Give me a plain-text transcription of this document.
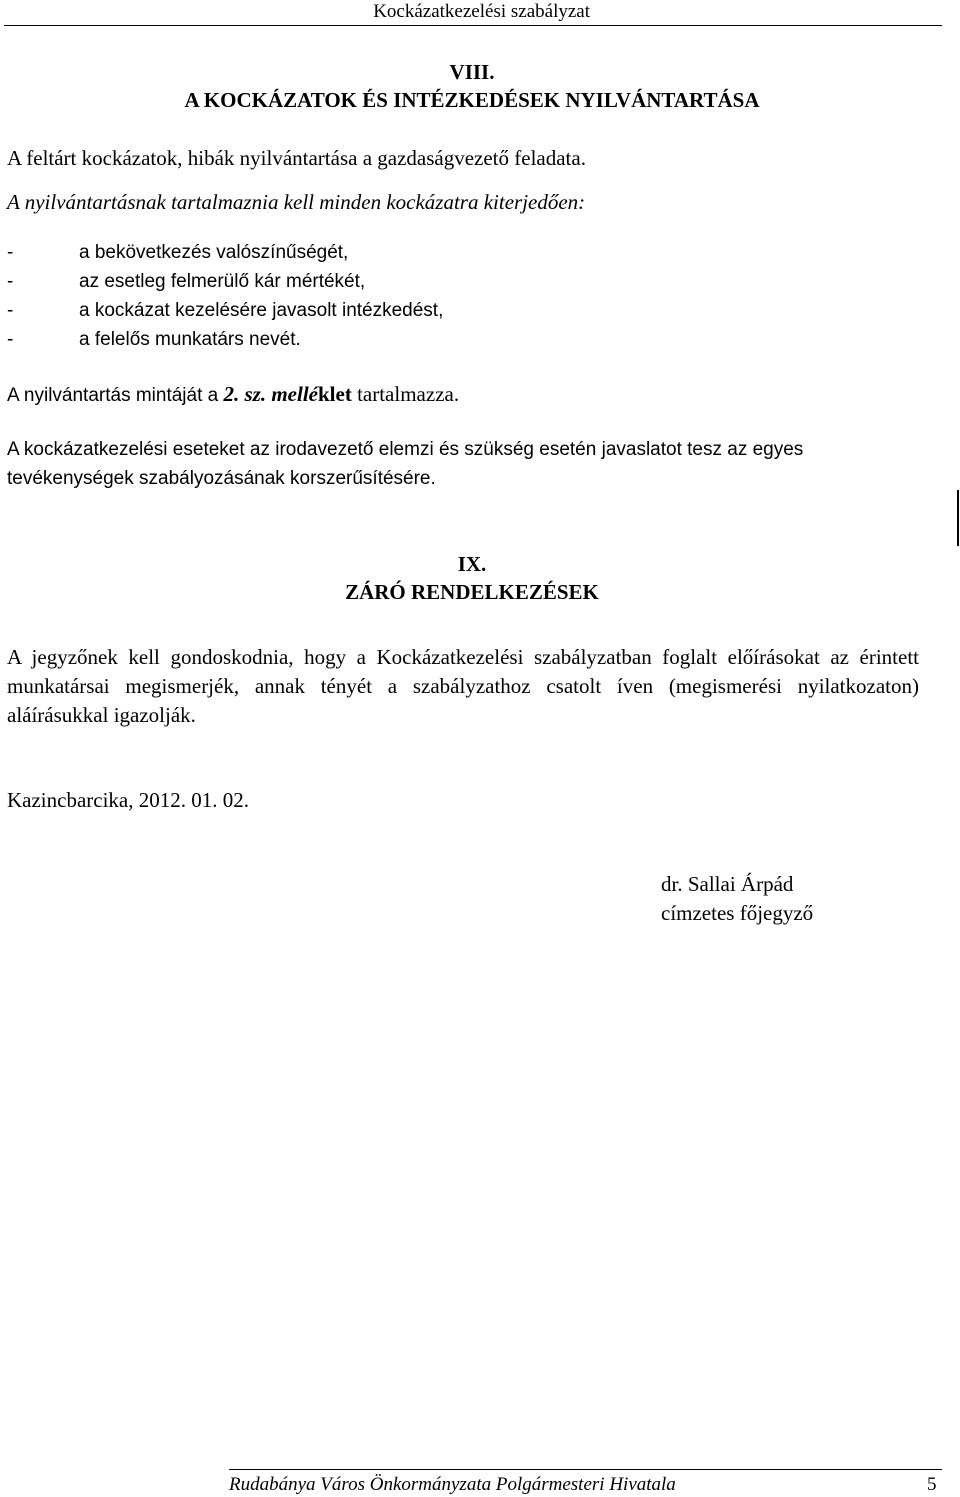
Kockázatkezelési szabályzat
VIII.
A KOCKÁZATOK ÉS INTÉZKEDÉSEK NYILVÁNTARTÁSA
A feltárt kockázatok, hibák nyilvántartása a gazdaságvezető feladata.
A nyilvántartásnak tartalmaznia kell minden kockázatra kiterjedően:
-	a bekövetkezés valószínűségét,
-	az esetleg felmerülő kár mértékét,
-	a kockázat kezelésére javasolt intézkedést,
-	a felelős munkatárs nevét.
A nyilvántartás mintáját a 2. sz. melléklet tartalmazza.
A kockázatkezelési eseteket az irodavezető elemzi és szükség esetén javaslatot tesz az egyes tevékenységek szabályozásának korszerűsítésére.
IX.
ZÁRÓ RENDELKEZÉSEK
A jegyzőnek kell gondoskodnia, hogy a Kockázatkezelési szabályzatban foglalt előírásokat az érintett munkatársai megismerjék, annak tényét a szabályzathoz csatolt íven (megismerési nyilatkozaton) aláírásukkal igazolják.
Kazincbarcika, 2012. 01. 02.
dr. Sallai Árpád
címzetes főjegyző
Rudabánya Város Önkormányzata Polgármesteri Hivatala	5
